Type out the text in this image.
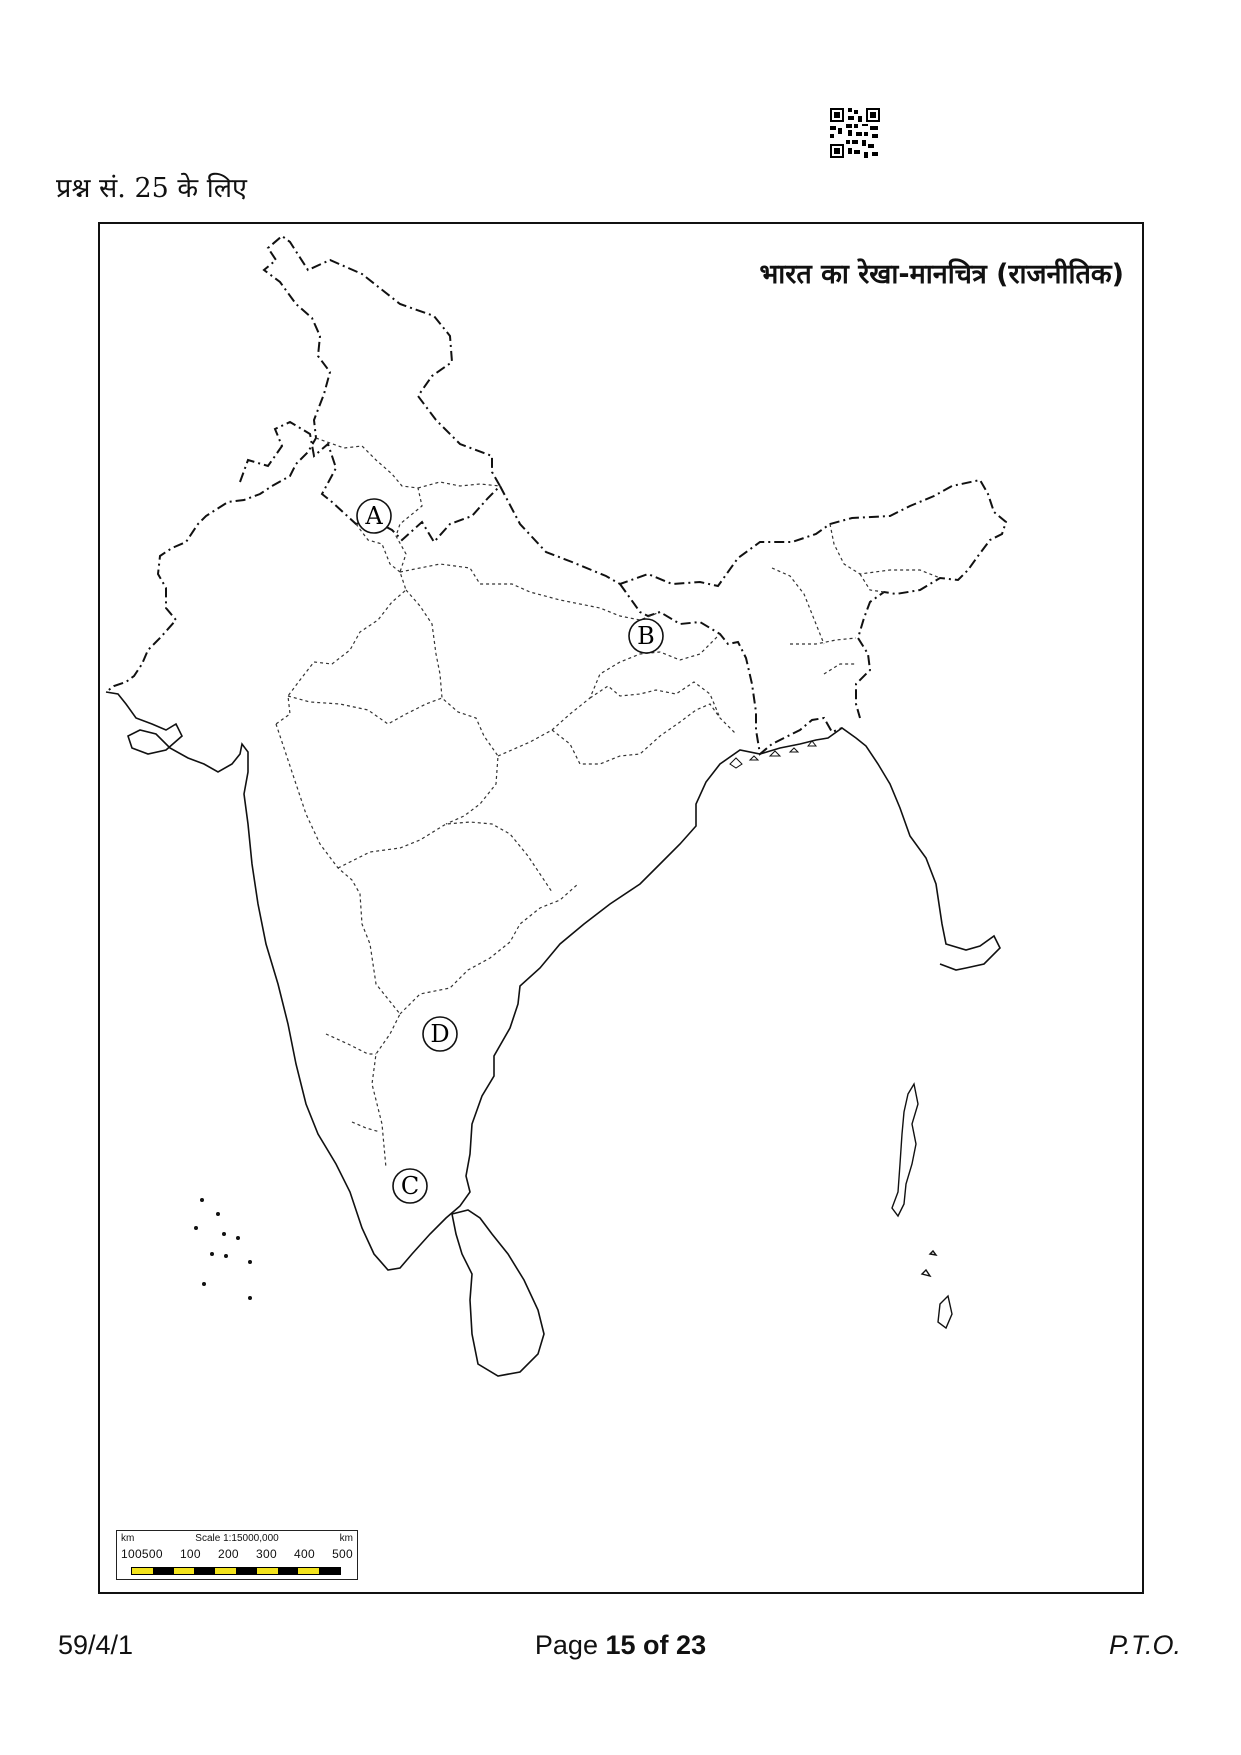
प्रश्न सं. 25 के लिए
भारत का रेखा-मानचित्र (राजनीतिक)
A
B
C
D
km	Scale 1:15000,000	km
100500 100 200 300 400 500
59/4/1	Page 15 of 23	P.T.O.
